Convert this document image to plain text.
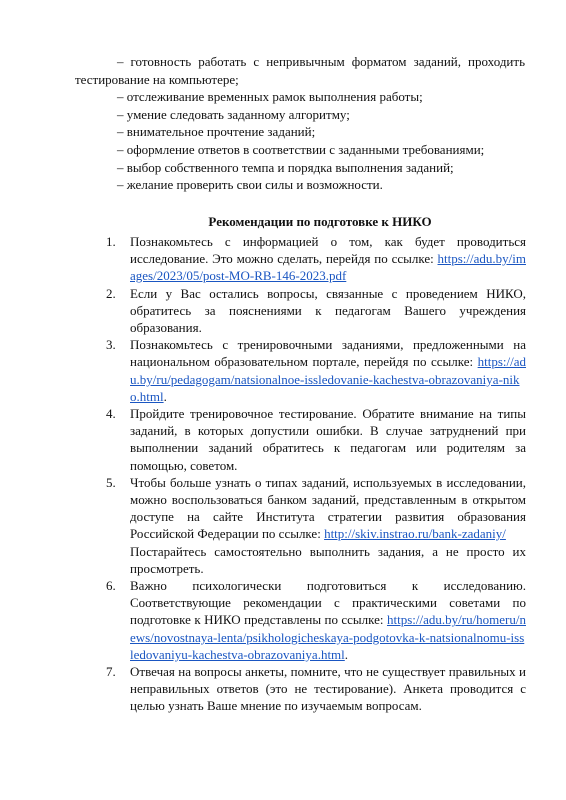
– готовность работать с непривычным форматом заданий, проходить
тестирование на компьютере;
– отслеживание временных рамок выполнения работы;
– умение следовать заданному алгоритму;
– внимательное прочтение заданий;
– оформление ответов в соответствии с заданными требованиями;
– выбор собственного темпа и порядка выполнения заданий;
– желание проверить свои силы и возможности.
Рекомендации по подготовке к НИКО
1. Познакомьтесь с информацией о том, как будет проводиться исследование. Это можно сделать, перейдя по ссылке: https://adu.by/images/2023/05/post-MO-RB-146-2023.pdf
2. Если у Вас остались вопросы, связанные с проведением НИКО, обратитесь за пояснениями к педагогам Вашего учреждения образования.
3. Познакомьтесь с тренировочными заданиями, предложенными на национальном образовательном портале, перейдя по ссылке: https://adu.by/ru/pedagogam/natsionalnoe-issledovanie-kachestva-obrazovaniya-niko.html.
4. Пройдите тренировочное тестирование. Обратите внимание на типы заданий, в которых допустили ошибки. В случае затруднений при выполнении заданий обратитесь к педагогам или родителям за помощью, советом.
5. Чтобы больше узнать о типах заданий, используемых в исследовании, можно воспользоваться банком заданий, представленным в открытом доступе на сайте Института стратегии развития образования Российской Федерации по ссылке: http://skiv.instrao.ru/bank-zadaniy/
Постарайтесь самостоятельно выполнить задания, а не просто их просмотреть.
6. Важно психологически подготовиться к исследованию. Соответствующие рекомендации с практическими советами по подготовке к НИКО представлены по ссылке: https://adu.by/ru/homeru/news/novostnaya-lenta/psikhologicheskaya-podgotovka-k-natsionalnomu-issledovaniyu-kachestva-obrazovaniya.html.
7. Отвечая на вопросы анкеты, помните, что не существует правильных и неправильных ответов (это не тестирование). Анкета проводится с целью узнать Ваше мнение по изучаемым вопросам.
